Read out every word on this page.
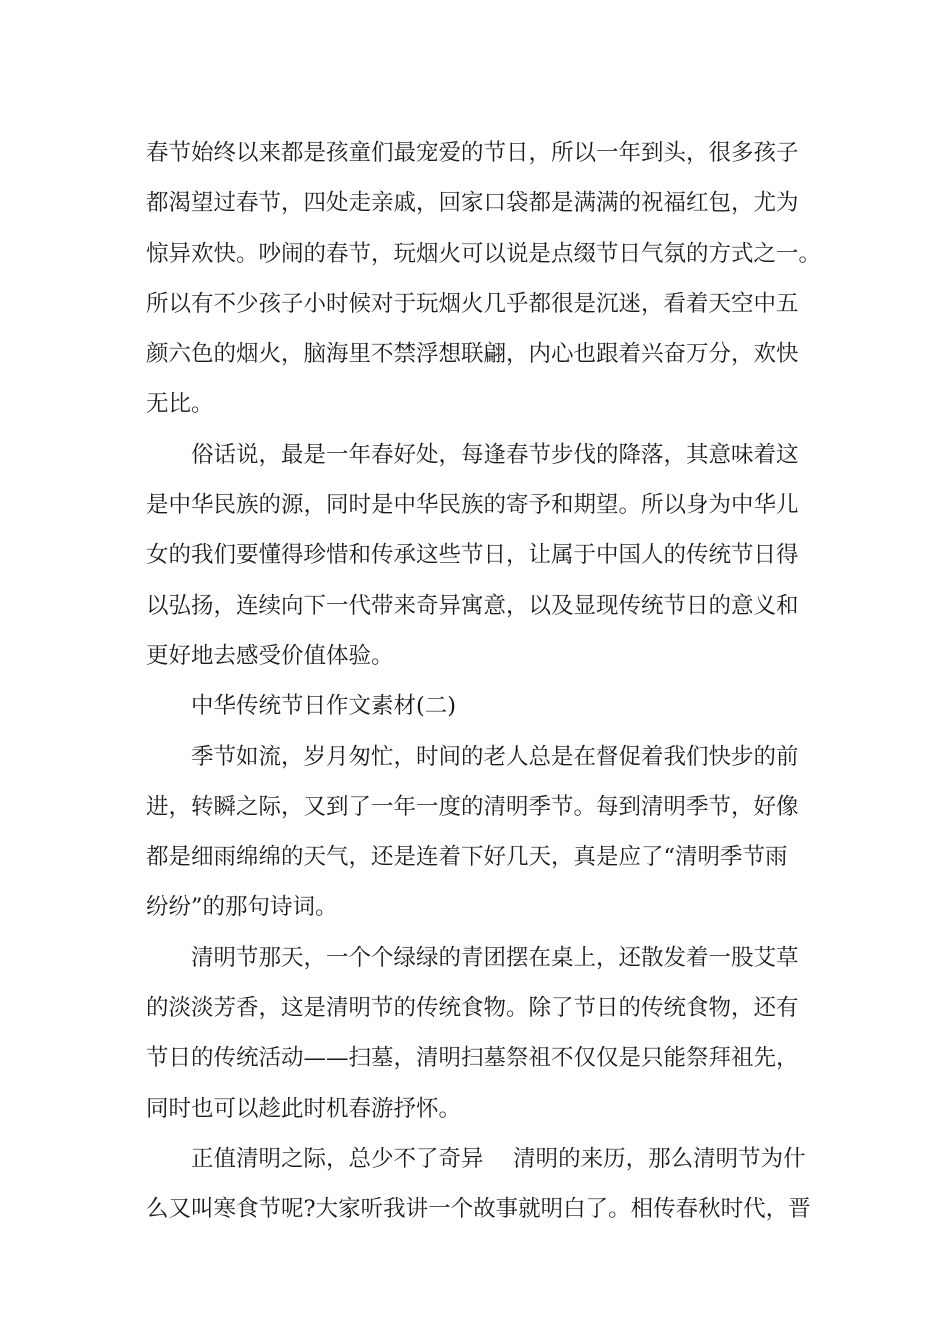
春节始终以来都是孩童们最宠爱的节日，所以一年到头，很多孩子
都渴望过春节，四处走亲戚，回家口袋都是满满的祝福红包，尤为
惊异欢快。吵闹的春节，玩烟火可以说是点缀节日气氛的方式之一。
所以有不少孩子小时候对于玩烟火几乎都很是沉迷，看着天空中五
颜六色的烟火，脑海里不禁浮想联翩，内心也跟着兴奋万分，欢快
无比。
俗话说，最是一年春好处，每逢春节步伐的降落，其意味着这
是中华民族的源，同时是中华民族的寄予和期望。所以身为中华儿
女的我们要懂得珍惜和传承这些节日，让属于中国人的传统节日得
以弘扬，连续向下一代带来奇异寓意，以及显现传统节日的意义和
更好地去感受价值体验。
中华传统节日作文素材(二)
季节如流，岁月匆忙，时间的老人总是在督促着我们快步的前
进，转瞬之际，又到了一年一度的清明季节。每到清明季节，好像
都是细雨绵绵的天气，还是连着下好几天，真是应了“清明季节雨
纷纷”的那句诗词。
清明节那天，一个个绿绿的青团摆在桌上，还散发着一股艾草
的淡淡芳香，这是清明节的传统食物。除了节日的传统食物，还有
节日的传统活动——扫墓，清明扫墓祭祖不仅仅是只能祭拜祖先，
同时也可以趁此时机春游抒怀。
正值清明之际，总少不了奇异　 清明的来历，那么清明节为什
么又叫寒食节呢?大家听我讲一个故事就明白了。相传春秋时代，晋
